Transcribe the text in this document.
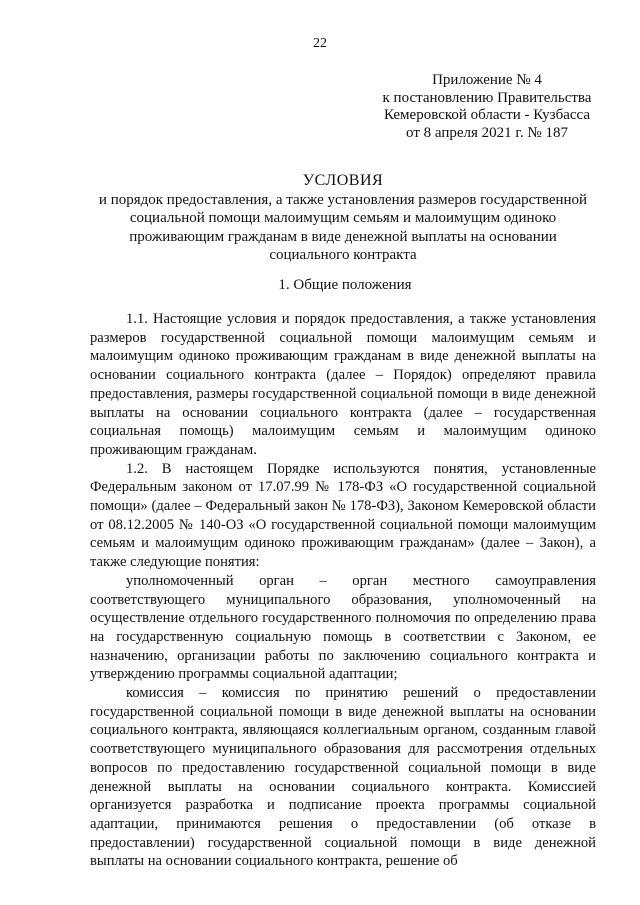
22
Приложение № 4
к постановлению Правительства
Кемеровской области - Кузбасса
от 8 апреля 2021 г. № 187
УСЛОВИЯ
и порядок предоставления, а также установления размеров государственной социальной помощи малоимущим семьям и малоимущим одиноко проживающим гражданам в виде денежной выплаты на основании социального контракта
1. Общие положения

1.1. Настоящие условия и порядок предоставления, а также установления размеров государственной социальной помощи малоимущим семьям и малоимущим одиноко проживающим гражданам в виде денежной выплаты на основании социального контракта (далее – Порядок) определяют правила предоставления, размеры государственной социальной помощи в виде денежной выплаты на основании социального контракта (далее – государственная социальная помощь) малоимущим семьям и малоимущим одиноко проживающим гражданам.

1.2. В настоящем Порядке используются понятия, установленные Федеральным законом от 17.07.99 № 178-ФЗ «О государственной социальной помощи» (далее – Федеральный закон № 178-ФЗ), Законом Кемеровской области от 08.12.2005 № 140-ОЗ «О государственной социальной помощи малоимущим семьям и малоимущим одиноко проживающим гражданам» (далее – Закон), а также следующие понятия:

уполномоченный орган – орган местного самоуправления соответствующего муниципального образования, уполномоченный на осуществление отдельного государственного полномочия по определению права на государственную социальную помощь в соответствии с Законом, ее назначению, организации работы по заключению социального контракта и утверждению программы социальной адаптации;

комиссия – комиссия по принятию решений о предоставлении государственной социальной помощи в виде денежной выплаты на основании социального контракта, являющаяся коллегиальным органом, созданным главой соответствующего муниципального образования для рассмотрения отдельных вопросов по предоставлению государственной социальной помощи в виде денежной выплаты на основании социального контракта. Комиссией организуется разработка и подписание проекта программы социальной адаптации, принимаются решения о предоставлении (об отказе в предоставлении) государственной социальной помощи в виде денежной выплаты на основании социального контракта, решение об
